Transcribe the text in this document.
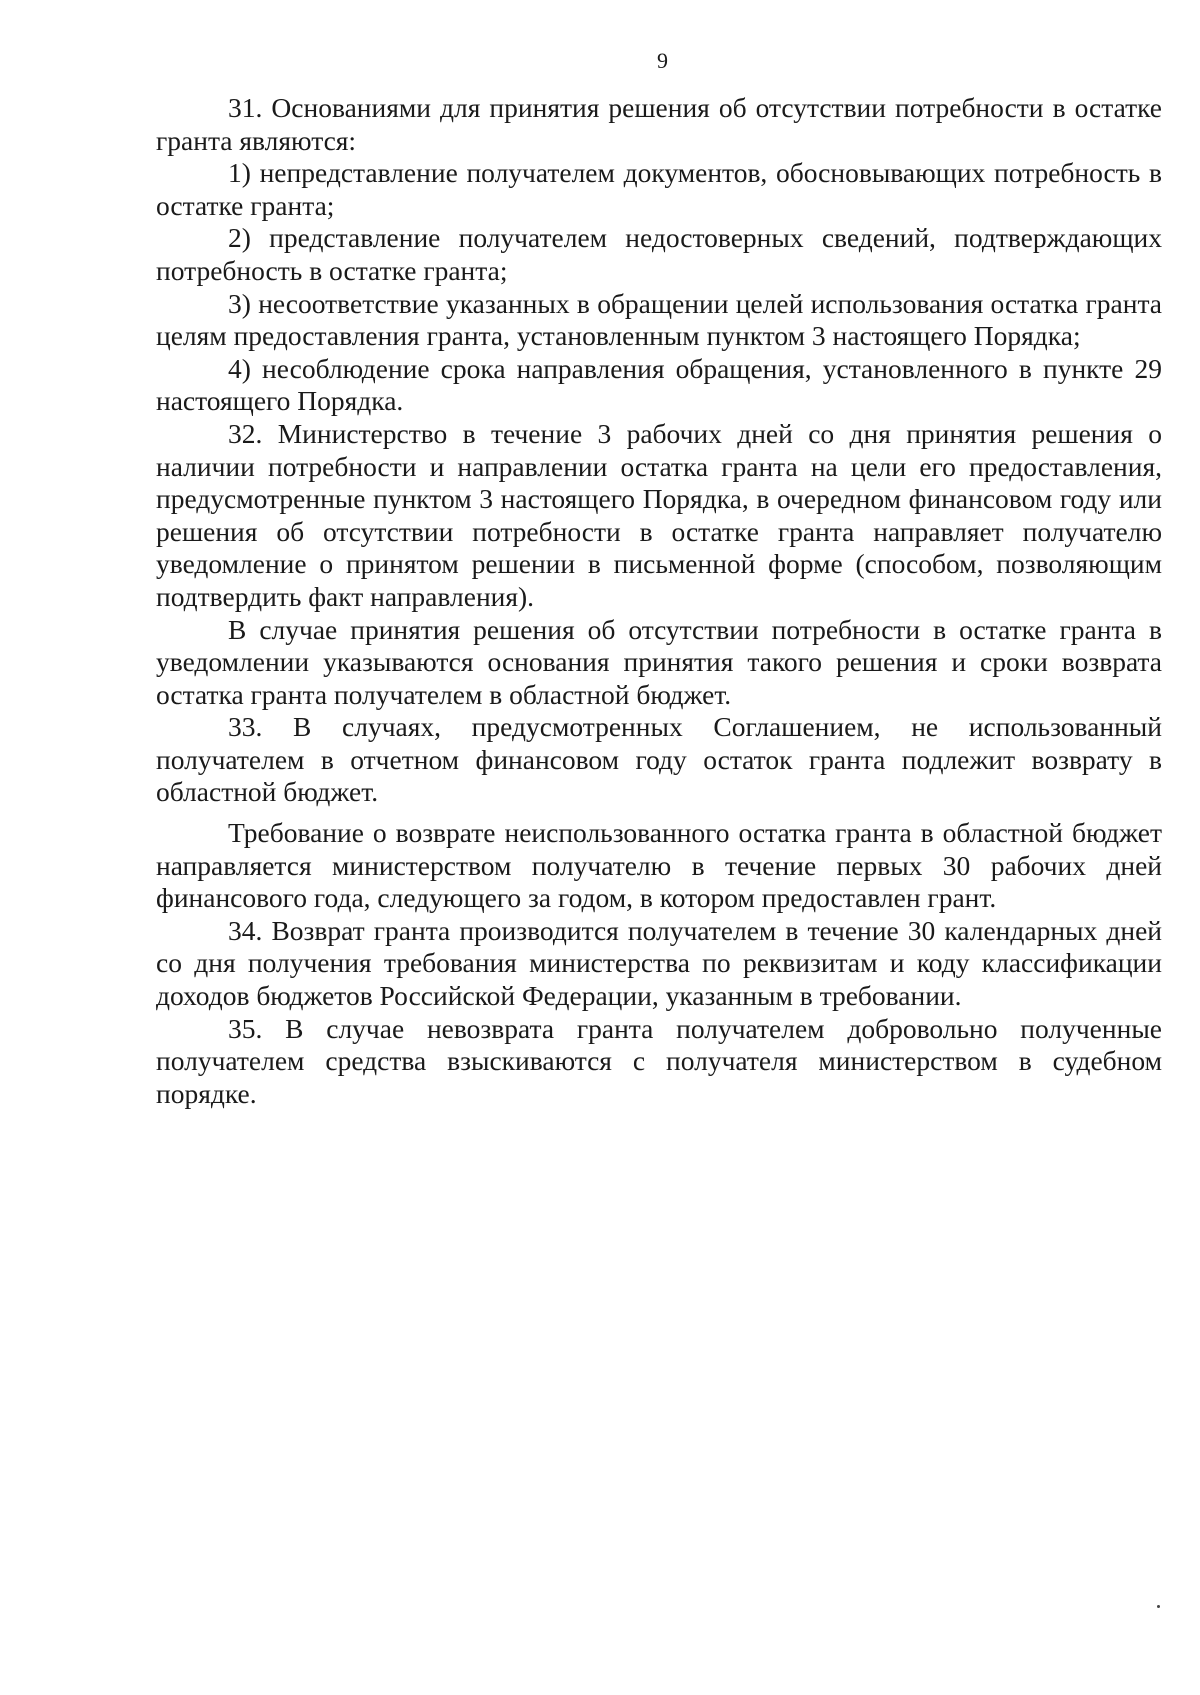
9

31. Основаниями для принятия решения об отсутствии потребности в остатке гранта являются:

1) непредставление получателем документов, обосновывающих потребность в остатке гранта;

2) представление получателем недостоверных сведений, подтверждающих потребность в остатке гранта;

3) несоответствие указанных в обращении целей использования остатка гранта целям предоставления гранта, установленным пунктом 3 настоящего Порядка;

4) несоблюдение срока направления обращения, установленного в пункте 29 настоящего Порядка.

32. Министерство в течение 3 рабочих дней со дня принятия решения о наличии потребности и направлении остатка гранта на цели его предоставления, предусмотренные пунктом 3 настоящего Порядка, в очередном финансовом году или решения об отсутствии потребности в остатке гранта направляет получателю уведомление о принятом решении в письменной форме (способом, позволяющим подтвердить факт направления).

В случае принятия решения об отсутствии потребности в остатке гранта в уведомлении указываются основания принятия такого решения и сроки возврата остатка гранта получателем в областной бюджет.

33. В случаях, предусмотренных Соглашением, не использованный получателем в отчетном финансовом году остаток гранта подлежит возврату в областной бюджет.

Требование о возврате неиспользованного остатка гранта в областной бюджет направляется министерством получателю в течение первых 30 рабочих дней финансового года, следующего за годом, в котором предоставлен грант.

34. Возврат гранта производится получателем в течение 30 календарных дней со дня получения требования министерства по реквизитам и коду классификации доходов бюджетов Российской Федерации, указанным в требовании.

35. В случае невозврата гранта получателем добровольно полученные получателем средства взыскиваются с получателя министерством в судебном порядке.
